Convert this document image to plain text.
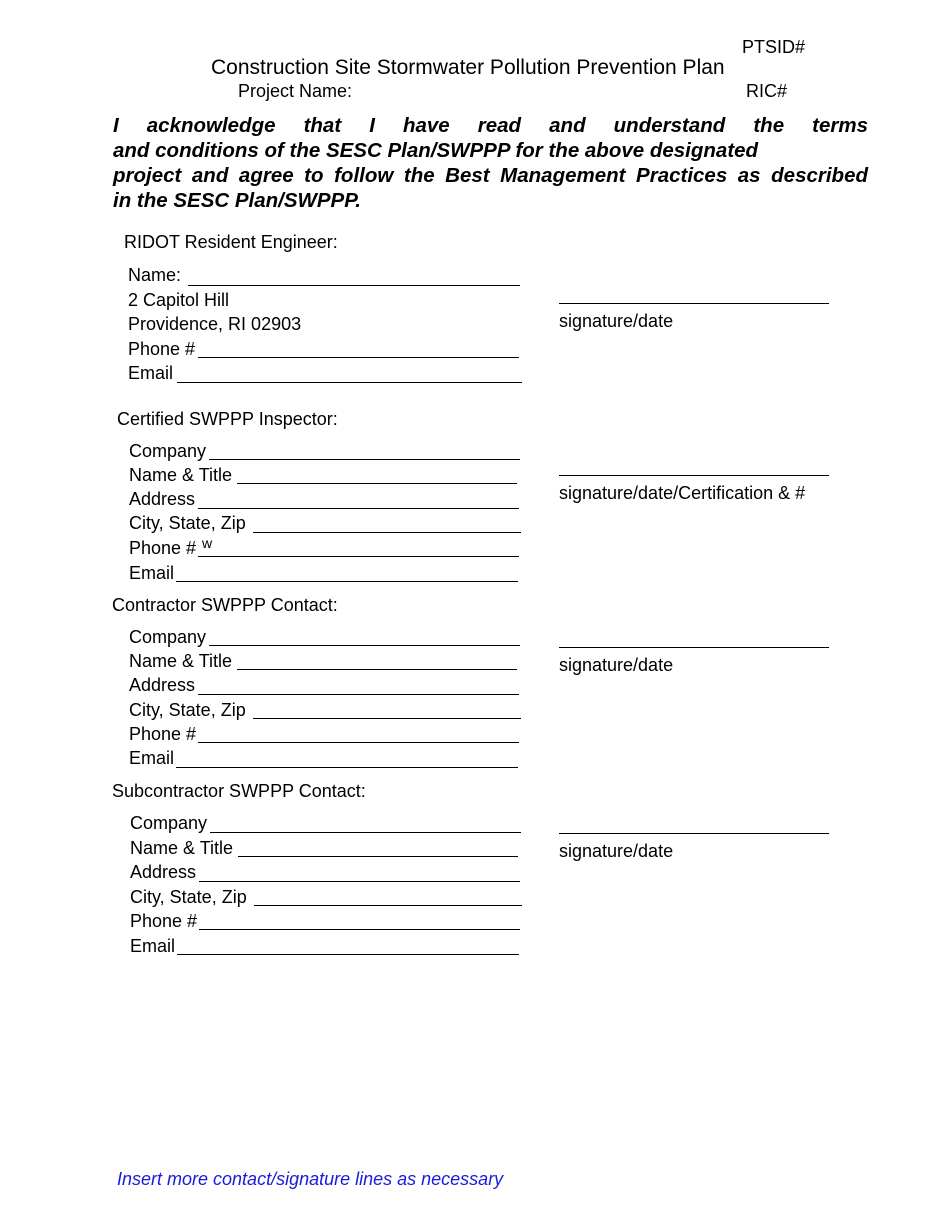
PTSID#
Construction Site Stormwater Pollution Prevention Plan
Project Name:	RIC#
I acknowledge that I have read and understand the terms
and conditions of the SESC Plan/SWPPP for the above designated
project and agree to follow the Best Management Practices as described
in the SESC Plan/SWPPP.
RIDOT Resident Engineer:
Name:
2 Capitol Hill
Providence, RI 02903
Phone #
Email
signature/date
Certified SWPPP Inspector:
Company
Name & Title
Address
City, State, Zip
Phone # w
Email
signature/date/Certification & #
Contractor SWPPP Contact:
Company
Name & Title
Address
City, State, Zip
Phone #
Email
signature/date
Subcontractor SWPPP Contact:
Company
Name & Title
Address
City, State, Zip
Phone #
Email
signature/date
Insert more contact/signature lines as necessary
